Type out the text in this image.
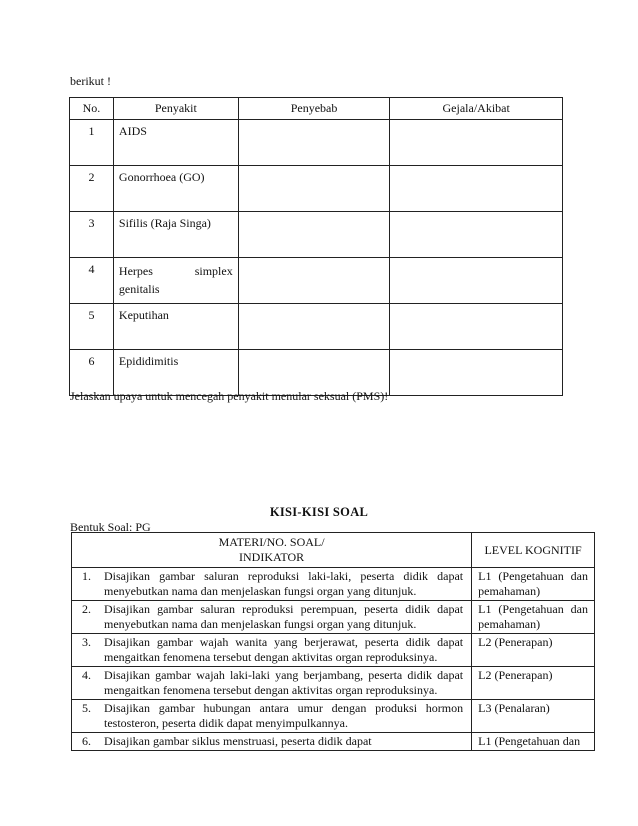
berikut !
No.	Penyakit	Penyebab	Gejala/Akibat
1	AIDS		
2	Gonorrhoea (GO)		
3	Sifilis (Raja Singa)		
4	Herpes simplex
genitalis		

5	Keputihan		
6	Epididimitis		
Jelaskan upaya untuk mencegah penyakit menular seksual (PMS)!
KISI-KISI SOAL
Bentuk Soal: PG
MATERI/NO. SOAL/
INDIKATOR	LEVEL KOGNITIF

1. Disajikan gambar saluran reproduksi laki-laki, peserta didik dapat menyebutkan nama dan menjelaskan fungsi organ yang ditunjuk.	L1 (Pengetahuan dan pemahaman)

2. Disajikan gambar saluran reproduksi perempuan, peserta didik dapat menyebutkan nama dan menjelaskan fungsi organ yang ditunjuk.	L1 (Pengetahuan dan pemahaman)

3. Disajikan gambar wajah wanita yang berjerawat, peserta didik dapat mengaitkan fenomena tersebut dengan aktivitas organ reproduksinya.	L2 (Penerapan)

4. Disajikan gambar wajah laki-laki yang berjambang, peserta didik dapat mengaitkan fenomena tersebut dengan aktivitas organ reproduksinya.	L2 (Penerapan)

5. Disajikan gambar hubungan antara umur dengan produksi hormon testosteron, peserta didik dapat menyimpulkannya.	L3 (Penalaran)

6. Disajikan gambar siklus menstruasi, peserta didik dapat	L1 (Pengetahuan dan
